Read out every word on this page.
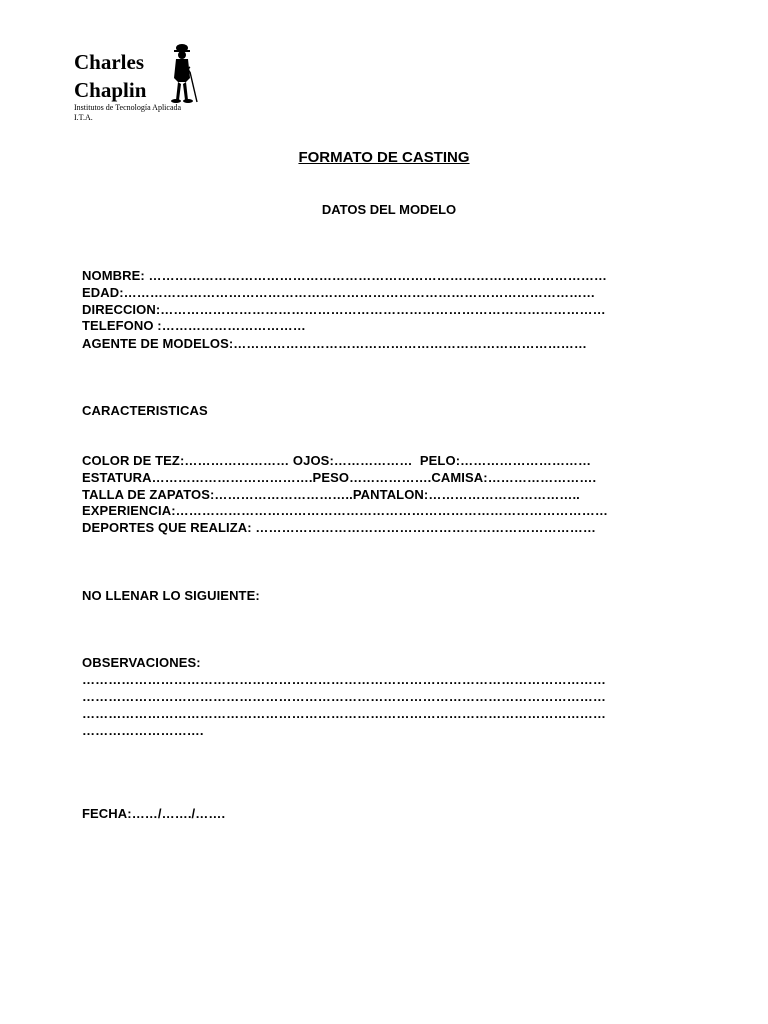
Charles
Chaplin
Institutos de Tecnología Aplicada
I.T.A.
FORMATO DE CASTING
DATOS DEL MODELO
NOMBRE: ……………………………………………………………………………………………
EDAD:………………………………………………………………………………………………
DIRECCION:…………………………………………………………………………………………
TELEFONO :……………………………
AGENTE DE MODELOS:………………………………………………………………………
CARACTERISTICAS
COLOR DE TEZ:…………………… OJOS:………………  PELO:…………………………
ESTATURA……………………………….PESO……………….CAMISA:…………………….
TALLA DE ZAPATOS:…………………………..PANTALON:……………………………..
EXPERIENCIA:………………………………………………………………………………………
DEPORTES QUE REALIZA: ……………………………………………………………………
NO LLENAR LO SIGUIENTE:
OBSERVACIONES:
…………………………………………………………………………………………………………
…………………………………………………………………………………………………………
…………………………………………………………………………………………………………
……………………….
FECHA:……/……./…….
